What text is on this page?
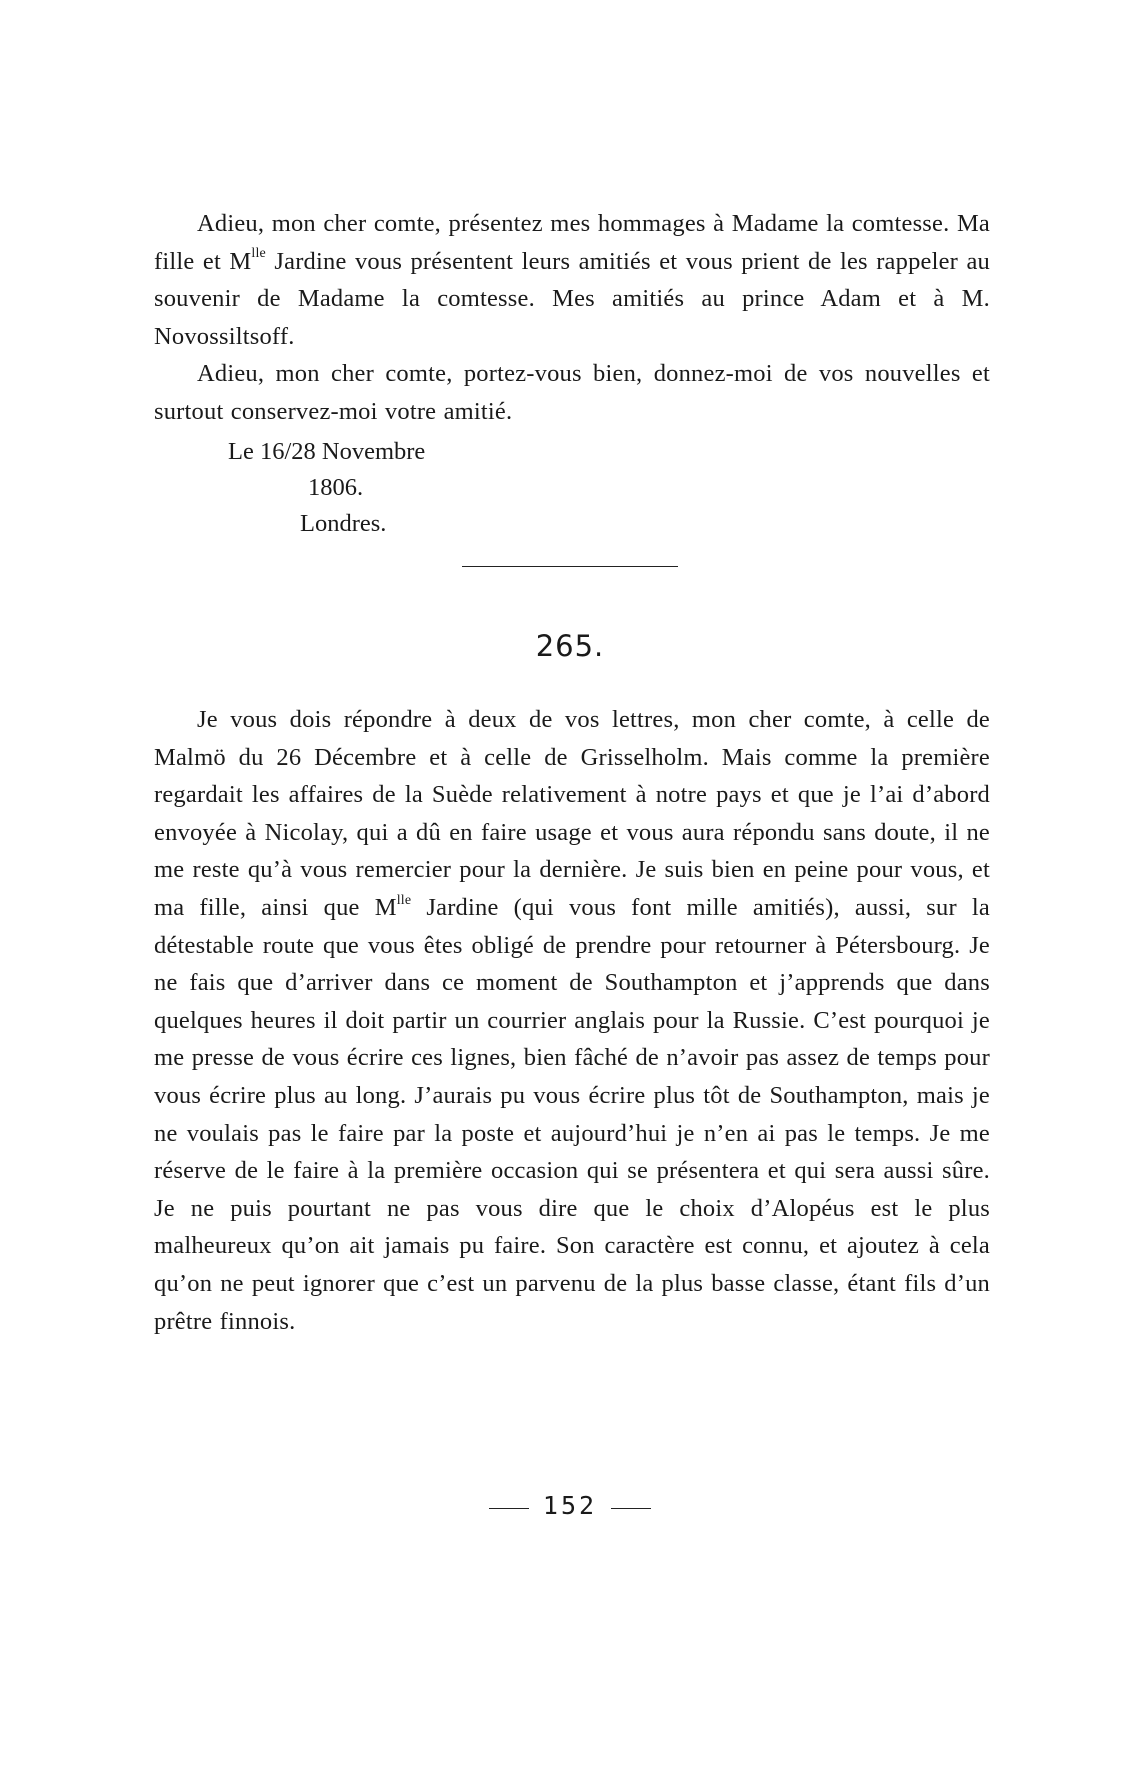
Adieu, mon cher comte, présentez mes hommages à Madame la comtesse. Ma fille et $M^{lle}$ Jardine vous présentent leurs amitiés et vous prient de les rappeler au souvenir de Madame la comtesse. Mes amitiés au prince Adam et à M. Novossiltsoff.

Adieu, mon cher comte, portez-vous bien, donnez-moi de vos nouvelles et surtout conservez-moi votre amitié.

Le 16/28 Novembre
1806.
Londres.
265.

Je vous dois répondre à deux de vos lettres, mon cher comte, à celle de Malmö du 26 Décembre et à celle de Grisselholm. Mais comme la première regardait les affaires de la Suède relativement à notre pays et que je l’ai d’abord envoyée à Nicolay, qui a dû en faire usage et vous aura répondu sans doute, il ne me reste qu’à vous remercier pour la dernière. Je suis bien en peine pour vous, et ma fille, ainsi que $M^{lle}$ Jardine (qui vous font mille amitiés), aussi, sur la détestable route que vous êtes obligé de prendre pour retourner à Pétersbourg. Je ne fais que d’arriver dans ce moment de Southampton et j’apprends que dans quelques heures il doit partir un courrier anglais pour la Russie. C’est pourquoi je me presse de vous écrire ces lignes, bien fâché de n’avoir pas assez de temps pour vous écrire plus au long. J’aurais pu vous écrire plus tôt de Southampton, mais je ne voulais pas le faire par la poste et aujourd’hui je n’en ai pas le temps. Je me réserve de le faire à la première occasion qui se présentera et qui sera aussi sûre. Je ne puis pourtant ne pas vous dire que le choix d’Alopéus est le plus malheureux qu’on ait jamais pu faire. Son caractère est connu, et ajoutez à cela qu’on ne peut ignorer que c’est un parvenu de la plus basse classe, étant fils d’un prêtre finnois.

152
